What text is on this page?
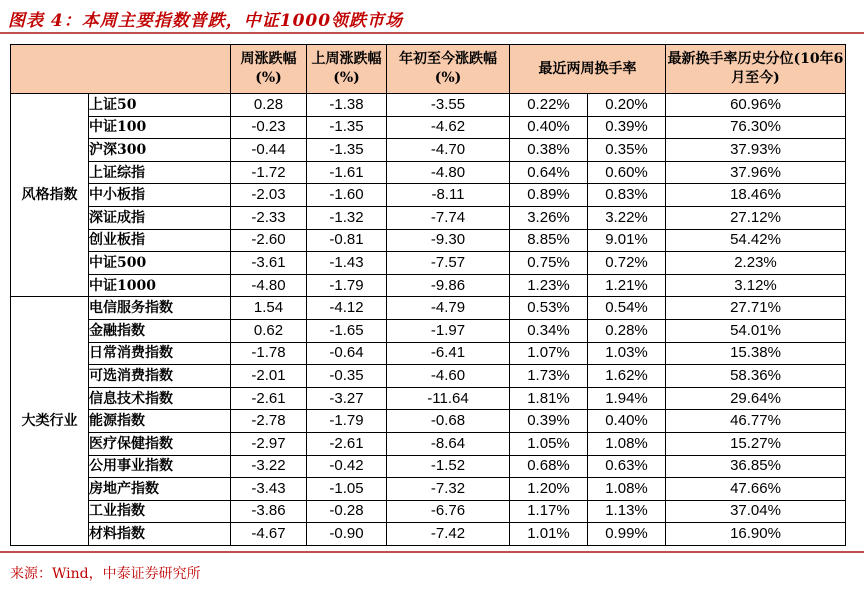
图表 4：本周主要指数普跌，中证1000领跌市场
		周涨跌幅(%)	上周涨跌幅(%)	年初至今涨跌幅(%)	最近两周换手率		最新换手率历史分位(10年6月至今)
风格指数	上证50	0.28	-1.38	-3.55	0.22%	0.20%	60.96%
	中证100	-0.23	-1.35	-4.62	0.40%	0.39%	76.30%
	沪深300	-0.44	-1.35	-4.70	0.38%	0.35%	37.93%
	上证综指	-1.72	-1.61	-4.80	0.64%	0.60%	37.96%
	中小板指	-2.03	-1.60	-8.11	0.89%	0.83%	18.46%
	深证成指	-2.33	-1.32	-7.74	3.26%	3.22%	27.12%
	创业板指	-2.60	-0.81	-9.30	8.85%	9.01%	54.42%
	中证500	-3.61	-1.43	-7.57	0.75%	0.72%	2.23%
	中证1000	-4.80	-1.79	-9.86	1.23%	1.21%	3.12%
大类行业	电信服务指数	1.54	-4.12	-4.79	0.53%	0.54%	27.71%
	金融指数	0.62	-1.65	-1.97	0.34%	0.28%	54.01%
	日常消费指数	-1.78	-0.64	-6.41	1.07%	1.03%	15.38%
	可选消费指数	-2.01	-0.35	-4.60	1.73%	1.62%	58.36%
	信息技术指数	-2.61	-3.27	-11.64	1.81%	1.94%	29.64%
	能源指数	-2.78	-1.79	-0.68	0.39%	0.40%	46.77%
	医疗保健指数	-2.97	-2.61	-8.64	1.05%	1.08%	15.27%
	公用事业指数	-3.22	-0.42	-1.52	0.68%	0.63%	36.85%
	房地产指数	-3.43	-1.05	-7.32	1.20%	1.08%	47.66%
	工业指数	-3.86	-0.28	-6.76	1.17%	1.13%	37.04%
	材料指数	-4.67	-0.90	-7.42	1.01%	0.99%	16.90%
来源：Wind，中泰证券研究所
